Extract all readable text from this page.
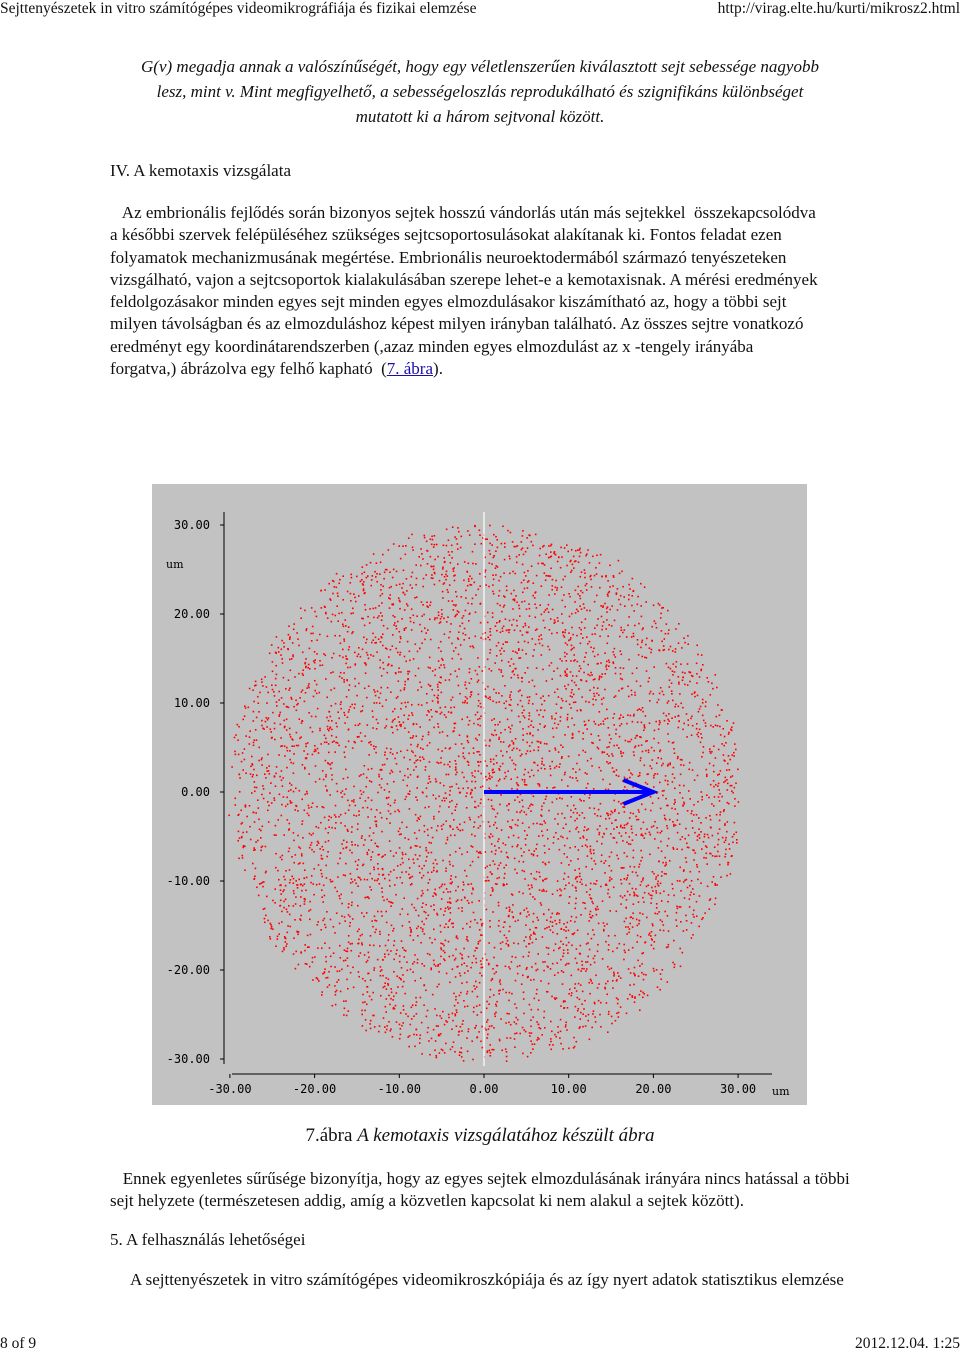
Sejttenyészetek in vitro számítógépes videomikrográfiája és fizikai elemzése	http://virag.elte.hu/kurti/mikrosz2.html
G(v) megadja annak a valószínűségét, hogy egy véletlenszerűen kiválasztott sejt sebessége nagyobb
lesz, mint v. Mint megfigyelhető, a sebességeloszlás reprodukálható és szignifikáns különbséget
mutatott ki a három sejtvonal között.
IV. A kemotaxis vizsgálata
Az embrionális fejlődés során bizonyos sejtek hosszú vándorlás után más sejtekkel  összekapcsolódva
a későbbi szervek felépüléséhez szükséges sejtcsoportosulásokat alakítanak ki. Fontos feladat ezen
folyamatok mechanizmusának megértése. Embrionális neuroektodermából származó tenyészeteken
vizsgálható, vajon a sejtcsoportok kialakulásában szerepe lehet-e a kemotaxisnak. A mérési eredmények
feldolgozásakor minden egyes sejt minden egyes elmozdulásakor kiszámítható az, hogy a többi sejt
milyen távolságban és az elmozduláshoz képest milyen irányban található. Az összes sejtre vonatkozó
eredményt egy koordinátarendszerben (,azaz minden egyes elmozdulást az x -tengely irányába
forgatva,) ábrázolva egy felhő kapható  (7. ábra).
30.00
20.00
10.00
0.00
-10.00
-20.00
-30.00
-30.00	-20.00	-10.00	0.00	10.00	20.00	30.00
um
um
7.ábra A kemotaxis vizsgálatához készült ábra
Ennek egyenletes sűrűsége bizonyítja, hogy az egyes sejtek elmozdulásának irányára nincs hatással a többi
sejt helyzete (természetesen addig, amíg a közvetlen kapcsolat ki nem alakul a sejtek között).
5. A felhasználás lehetőségei
A sejttenyészetek in vitro számítógépes videomikroszkópiája és az így nyert adatok statisztikus elemzése
8 of 9	2012.12.04. 1:25
